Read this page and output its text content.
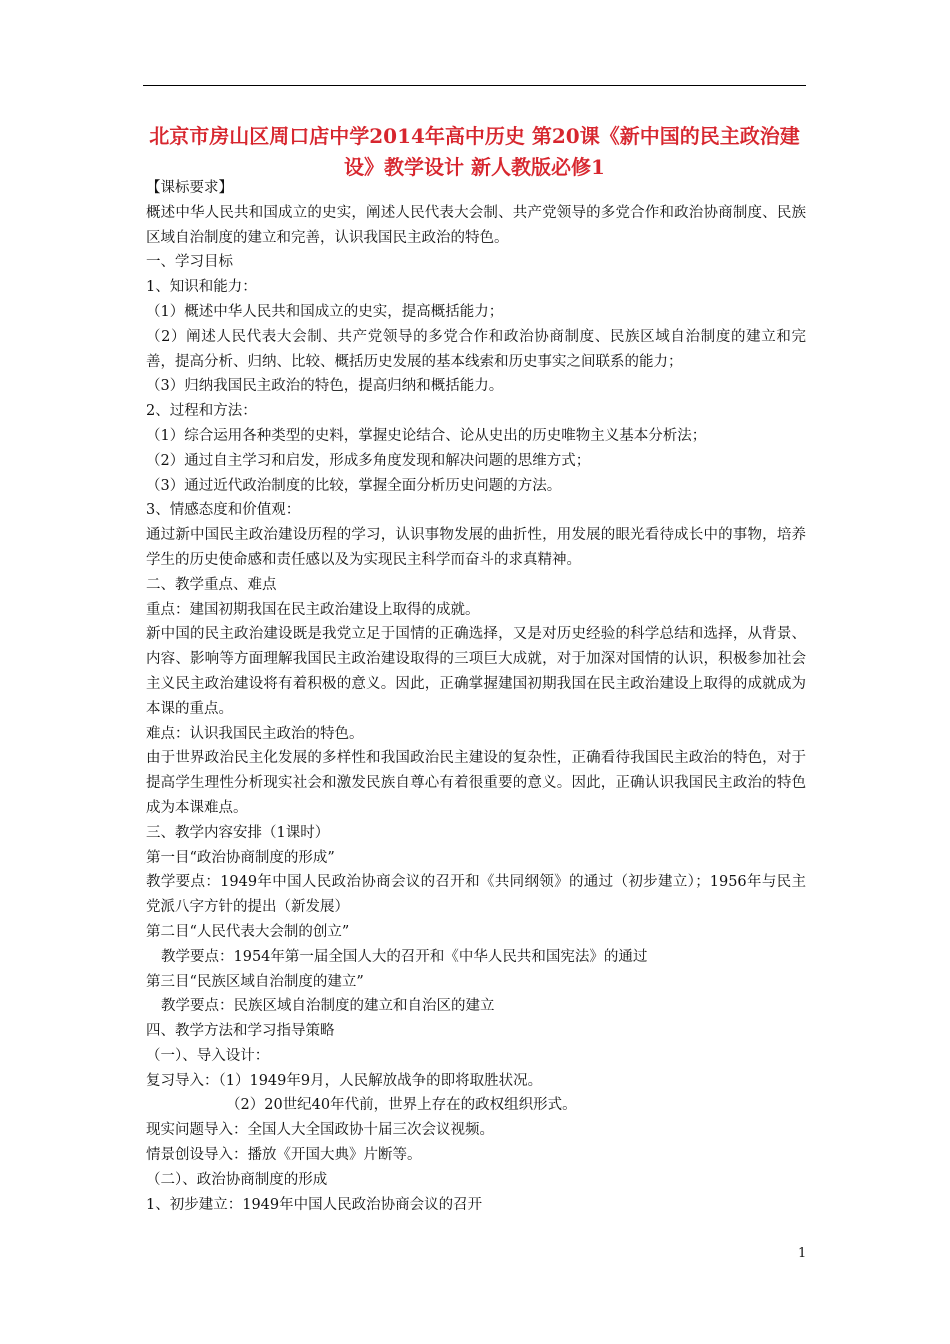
北京市房山区周口店中学2014年高中历史 第20课《新中国的民主政治建设》教学设计 新人教版必修1

【课标要求】

概述中华人民共和国成立的史实，阐述人民代表大会制、共产党领导的多党合作和政治协商制度、民族区域自治制度的建立和完善，认识我国民主政治的特色。

一、学习目标

1、知识和能力：

（1）概述中华人民共和国成立的史实，提高概括能力；

（2）阐述人民代表大会制、共产党领导的多党合作和政治协商制度、民族区域自治制度的建立和完善，提高分析、归纳、比较、概括历史发展的基本线索和历史事实之间联系的能力；

（3）归纳我国民主政治的特色，提高归纳和概括能力。

2、过程和方法：

（1）综合运用各种类型的史料，掌握史论结合、论从史出的历史唯物主义基本分析法；

（2）通过自主学习和启发，形成多角度发现和解决问题的思维方式；

（3）通过近代政治制度的比较，掌握全面分析历史问题的方法。

3、情感态度和价值观：

通过新中国民主政治建设历程的学习，认识事物发展的曲折性，用发展的眼光看待成长中的事物，培养学生的历史使命感和责任感以及为实现民主科学而奋斗的求真精神。

二、教学重点、难点

重点：建国初期我国在民主政治建设上取得的成就。

新中国的民主政治建设既是我党立足于国情的正确选择，又是对历史经验的科学总结和选择，从背景、内容、影响等方面理解我国民主政治建设取得的三项巨大成就，对于加深对国情的认识，积极参加社会主义民主政治建设将有着积极的意义。因此，正确掌握建国初期我国在民主政治建设上取得的成就成为本课的重点。

难点：认识我国民主政治的特色。

由于世界政治民主化发展的多样性和我国政治民主建设的复杂性，正确看待我国民主政治的特色，对于提高学生理性分析现实社会和激发民族自尊心有着很重要的意义。因此，正确认识我国民主政治的特色成为本课难点。

三、教学内容安排（1课时）

第一目“政治协商制度的形成”

教学要点：1949年中国人民政治协商会议的召开和《共同纲领》的通过（初步建立）；1956年与民主党派八字方针的提出（新发展）

第二目“人民代表大会制的创立”

教学要点：1954年第一届全国人大的召开和《中华人民共和国宪法》的通过

第三目“民族区域自治制度的建立”

教学要点：民族区域自治制度的建立和自治区的建立

四、教学方法和学习指导策略

（一）、导入设计：

复习导入：（1）1949年9月，人民解放战争的即将取胜状况。

（2）20世纪40年代前，世界上存在的政权组织形式。

现实问题导入：全国人大全国政协十届三次会议视频。

情景创设导入：播放《开国大典》片断等。

（二）、政治协商制度的形成

1、初步建立：1949年中国人民政治协商会议的召开

1
